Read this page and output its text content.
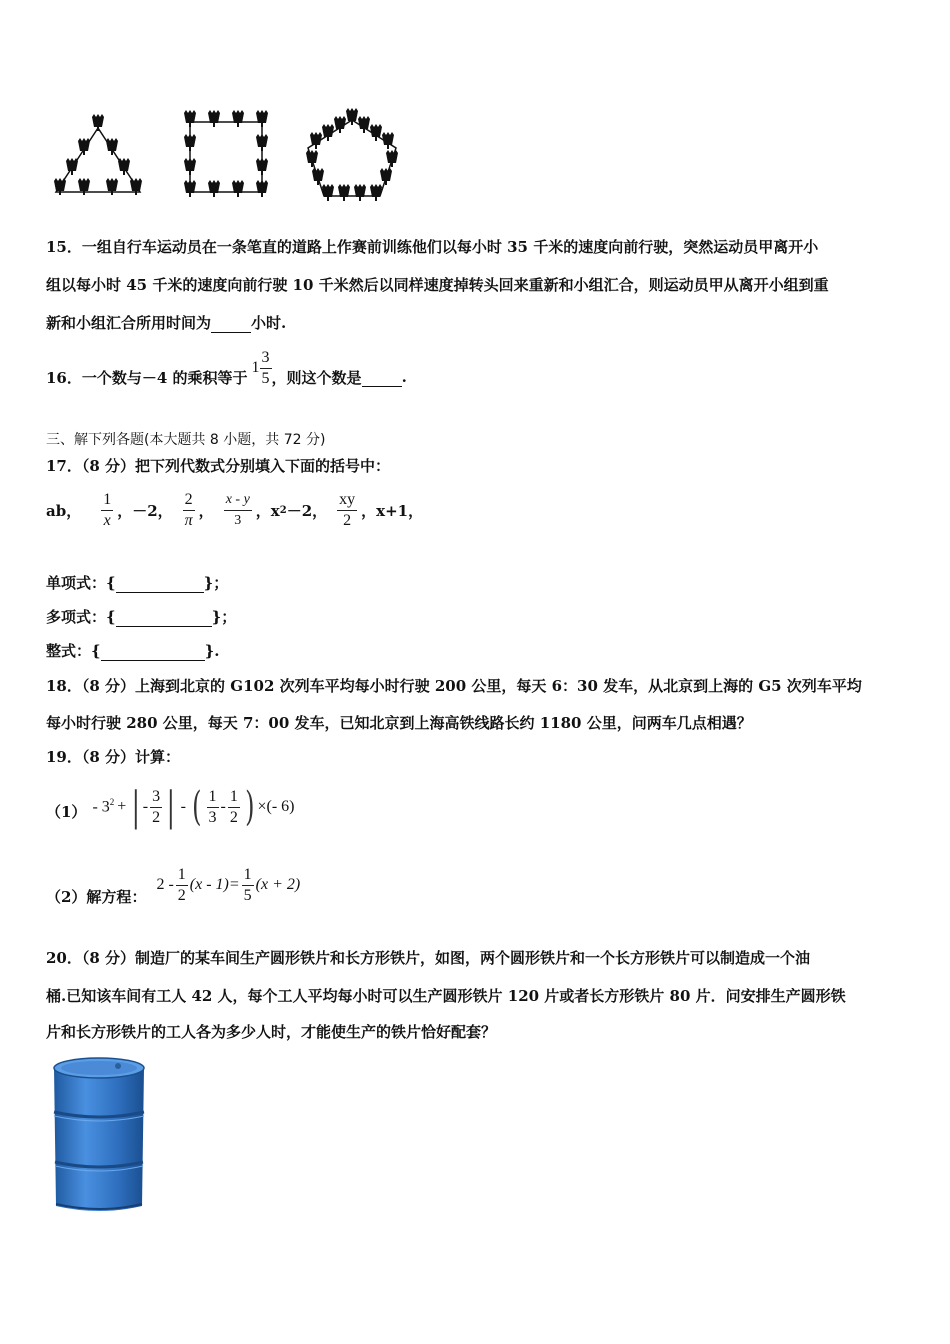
15．一组自行车运动员在一条笔直的道路上作赛前训练他们以每小时 35 千米的速度向前行驶，突然运动员甲离开小
组以每小时 45 千米的速度向前行驶 10 千米然后以同样速度掉转头回来重新和小组汇合，则运动员甲从离开小组到重
新和小组汇合所用时间为	小时.
16．一个数与－4 的乘积等于
$1 \frac{3}{5}$ ，则这个数是
	.
三、解下列各题(本大题共 8 小题，共 72 分)
17．（8 分）把下列代数式分别填入下面的括号中：
ab， $\frac{1}{x}$ ，－2， $\frac{2}{\pi}$ ， $\frac{x - y}{3}$ ，x 2 －2， $\frac{xy}{2}$ ，x+1，
单项式：{	}；
多项式：{	}；
整式：{	}.
18．（8 分）上海到北京的 G102 次列车平均每小时行驶 200 公里，每天 6：30 发车，从北京到上海的 G5 次列车平均
每小时行驶 280 公里，每天 7：00 发车，已知北京到上海高铁线路长约 1180 公里，问两车几点相遇？
19．（8 分）计算：
$(1) - 3^2$ + | - $\frac{3}{2}$ | - ( $\frac{1}{3} - \frac{1}{2}$ ) ×(- 6)
（2）解方程：
$2 - \frac{1}{2} (x - 1)= \frac{1}{5} (x + 2)$
20．（8 分）制造厂的某车间生产圆形铁片和长方形铁片，如图，两个圆形铁片和一个长方形铁片可以制造成一个油
桶.已知该车间有工人 42 人，每个工人平均每小时可以生产圆形铁片 120 片或者长方形铁片 80 片．问安排生产圆形铁
片和长方形铁片的工人各为多少人时，才能使生产的铁片恰好配套？
